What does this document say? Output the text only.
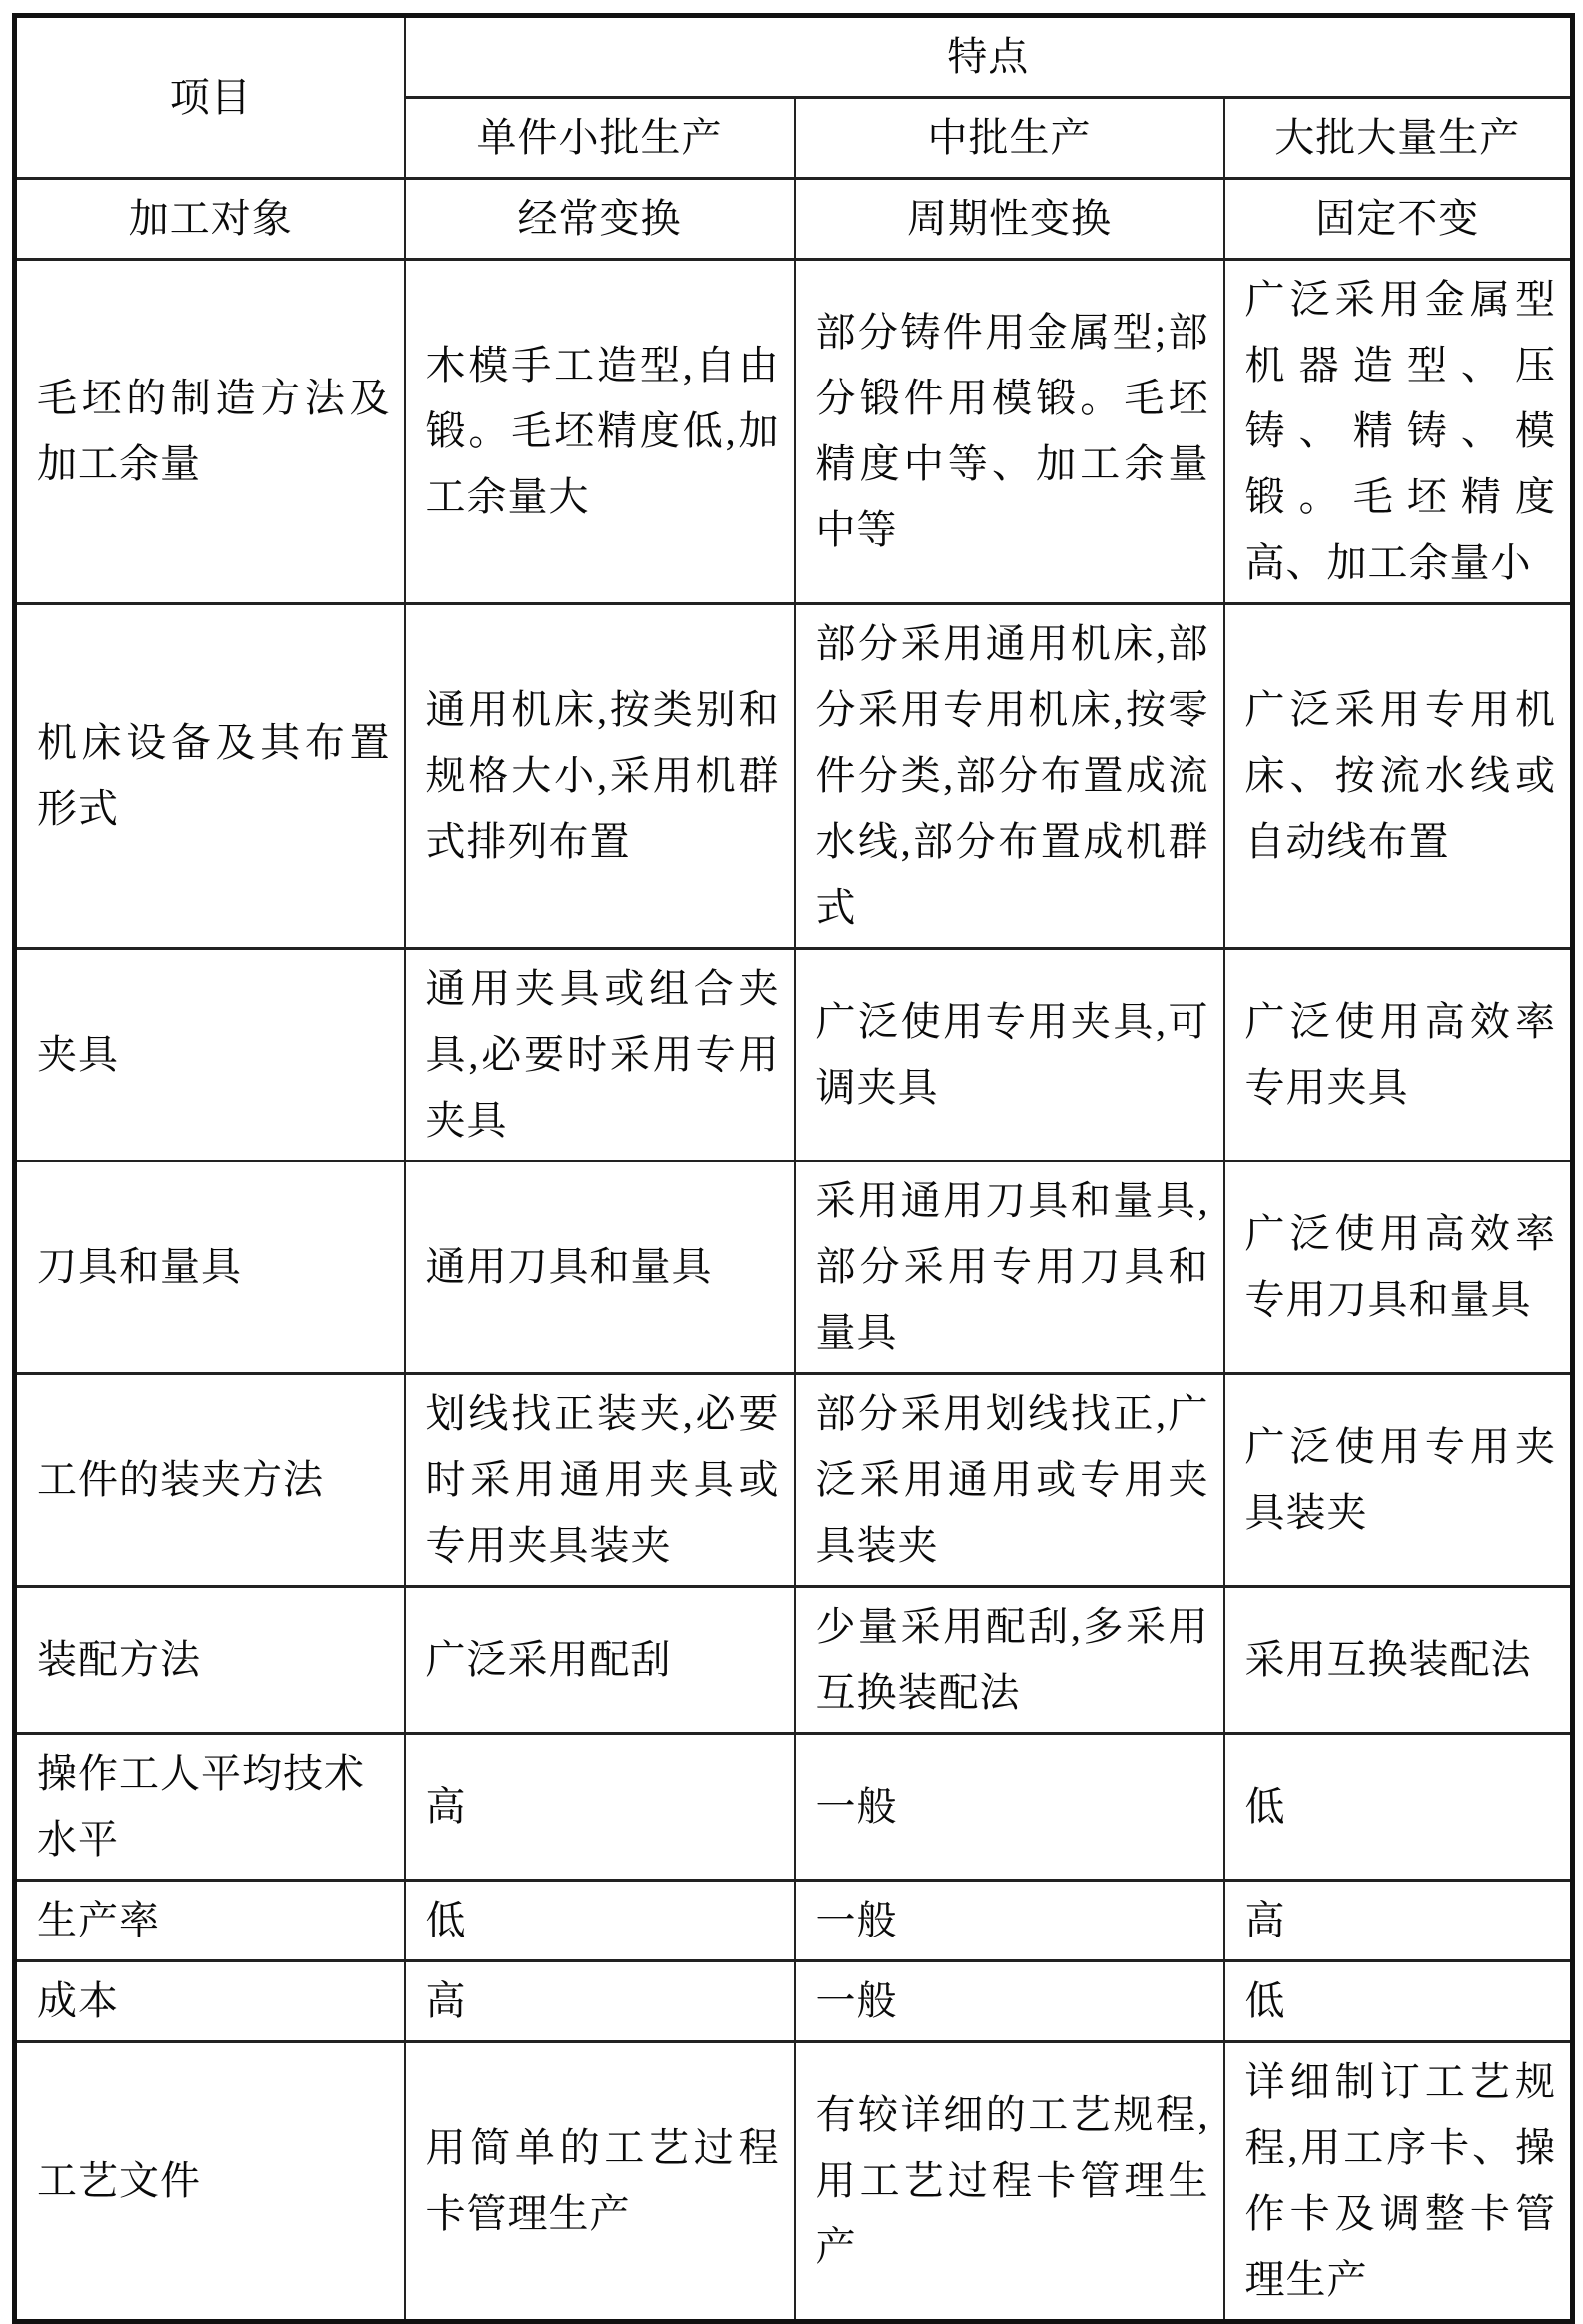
项目	特点		
	单件小批生产	中批生产	大批大量生产
加工对象	经常变换	周期性变换	固定不变
毛坯的制造方法及加工余量	木模手工造型,自由锻。毛坯精度低,加工余量大	部分铸件用金属型;部分锻件用模锻。毛坯精度中等、加工余量中等	广泛采用金属型机器造型、压铸、精铸、模锻。毛坯精度高、加工余量小
机床设备及其布置形式	通用机床,按类别和规格大小,采用机群式排列布置	部分采用通用机床,部分采用专用机床,按零件分类,部分布置成流水线,部分布置成机群式	广泛采用专用机床、按流水线或自动线布置
夹具	通用夹具或组合夹具,必要时采用专用夹具	广泛使用专用夹具,可调夹具	广泛使用高效率专用夹具
刀具和量具	通用刀具和量具	采用通用刀具和量具,部分采用专用刀具和量具	广泛使用高效率专用刀具和量具
工件的装夹方法	划线找正装夹,必要时采用通用夹具或专用夹具装夹	部分采用划线找正,广泛采用通用或专用夹具装夹	广泛使用专用夹具装夹
装配方法	广泛采用配刮	少量采用配刮,多采用互换装配法	采用互换装配法
操作工人平均技术水平	高	一般	低
生产率	低	一般	高
成本	高	一般	低
工艺文件	用简单的工艺过程卡管理生产	有较详细的工艺规程,用工艺过程卡管理生产	详细制订工艺规程,用工序卡、操作卡及调整卡管理生产
